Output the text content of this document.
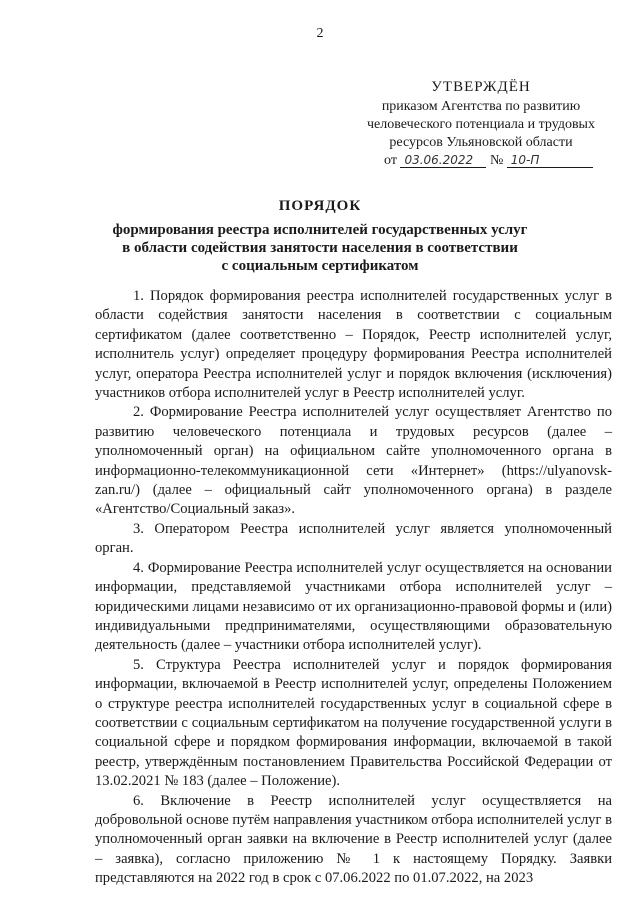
2
УТВЕРЖДЁН
приказом Агентства по развитию
человеческого потенциала и трудовых
ресурсов Ульяновской области
от 03.06.2022 № 10-П
ПОРЯДОК
формирования реестра исполнителей государственных услуг
в области содействия занятости населения в соответствии
с социальным сертификатом

1. Порядок формирования реестра исполнителей государственных услуг в области содействия занятости населения в соответствии с социальным сертификатом (далее соответственно – Порядок, Реестр исполнителей услуг, исполнитель услуг) определяет процедуру формирования Реестра исполнителей услуг, оператора Реестра исполнителей услуг и порядок включения (исключения) участников отбора исполнителей услуг в Реестр исполнителей услуг.

2. Формирование Реестра исполнителей услуг осуществляет Агентство по развитию человеческого потенциала и трудовых ресурсов (далее – уполномоченный орган) на официальном сайте уполномоченного органа в информационно-телекоммуникационной сети «Интернет» (https://ulyanovsk-zan.ru/) (далее – официальный сайт уполномоченного органа) в разделе «Агентство/Социальный заказ».

3. Оператором Реестра исполнителей услуг является уполномоченный орган.

4. Формирование Реестра исполнителей услуг осуществляется на основании информации, представляемой участниками отбора исполнителей услуг – юридическими лицами независимо от их организационно-правовой формы и (или) индивидуальными предпринимателями, осуществляющими образовательную деятельность (далее – участники отбора исполнителей услуг).

5. Структура Реестра исполнителей услуг и порядок формирования информации, включаемой в Реестр исполнителей услуг, определены Положением о структуре реестра исполнителей государственных услуг в социальной сфере в соответствии с социальным сертификатом на получение государственной услуги в социальной сфере и порядком формирования информации, включаемой в такой реестр, утверждённым постановлением Правительства Российской Федерации от 13.02.2021 № 183 (далее – Положение).

6. Включение в Реестр исполнителей услуг осуществляется на добровольной основе путём направления участником отбора исполнителей услуг в уполномоченный орган заявки на включение в Реестр исполнителей услуг (далее – заявка), согласно приложению № 1 к настоящему Порядку. Заявки представляются на 2022 год в срок с 07.06.2022 по 01.07.2022, на 2023
